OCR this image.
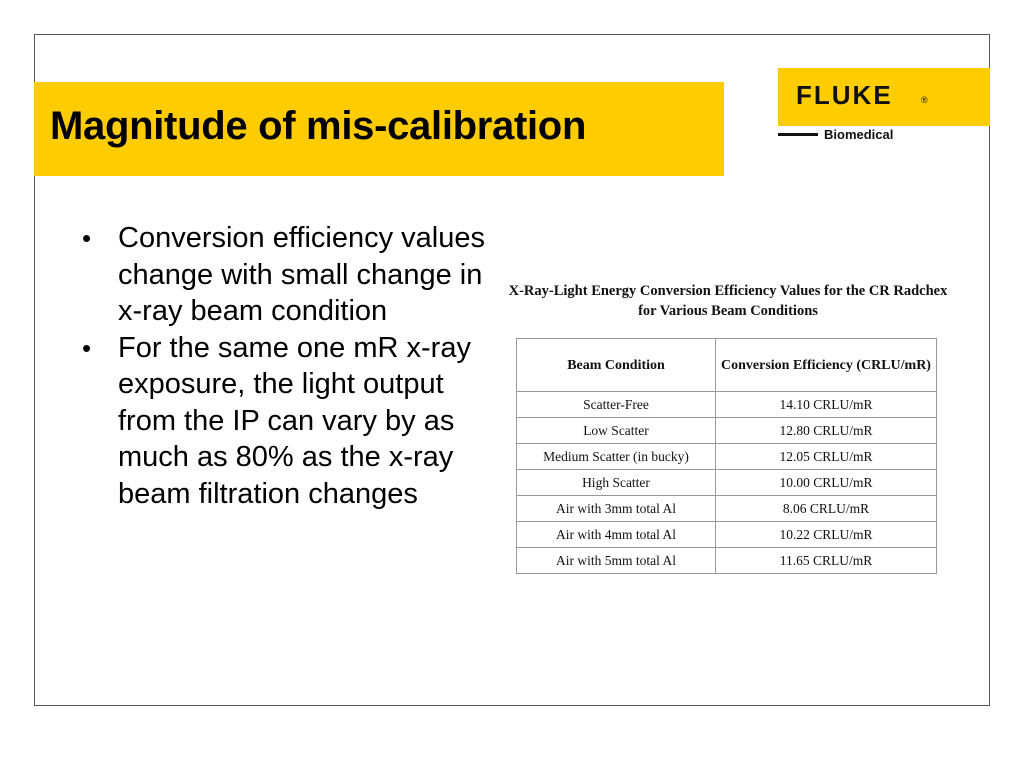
Magnitude of mis-calibration
FLUKE	®
Biomedical
• Conversion efficiency values change with small change in x-ray beam condition
• For the same one mR x-ray exposure, the light output from the IP can vary by as much as 80% as the x-ray beam filtration changes

X-Ray-Light Energy Conversion Efficiency Values for the CR Radchex for Various Beam Conditions

Beam Condition	Conversion Efficiency (CRLU/mR)
Scatter-Free	14.10 CRLU/mR
Low Scatter	12.80 CRLU/mR
Medium Scatter (in bucky)	12.05 CRLU/mR
High Scatter	10.00 CRLU/mR
Air with 3mm total Al	8.06 CRLU/mR
Air with 4mm total Al	10.22 CRLU/mR
Air with 5mm total Al	11.65 CRLU/mR
